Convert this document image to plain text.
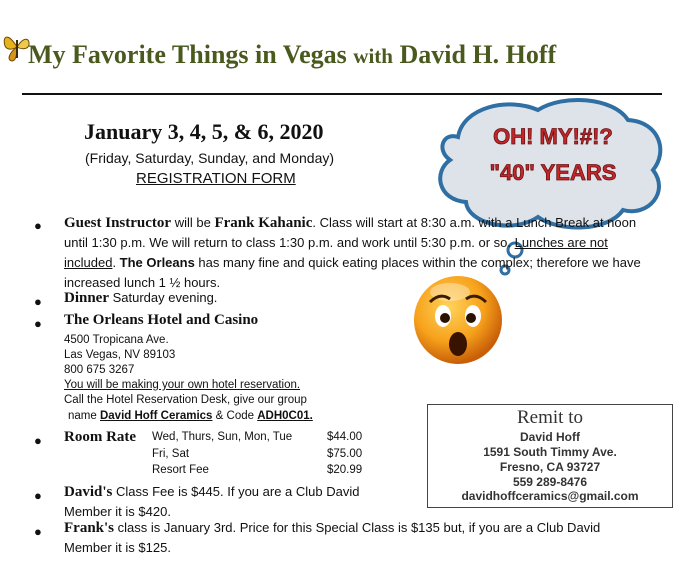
My Favorite Things in Vegas with David H. Hoff
January 3, 4, 5, & 6, 2020
(Friday, Saturday, Sunday, and Monday)
REGISTRATION FORM
OH! MY!#!?
"40" YEARS
● Guest Instructor will be Frank Kahanic. Class will start at 8:30 a.m. with a Lunch Break at noon until 1:30 p.m. We will return to class 1:30 p.m. and work until 5:30 p.m. or so. Lunches are not included. The Orleans has many fine and quick eating places within the complex; therefore we have increased lunch 1 ½ hours.
● Dinner Saturday evening.
● The Orleans Hotel and Casino
4500 Tropicana Ave.
Las Vegas, NV 89103
800 675 3267
You will be making your own hotel reservation.
Call the Hotel Reservation Desk, give our group
name David Hoff Ceramics & Code ADH0C01.
● Room Rate Wed, Thurs, Sun, Mon, Tue	$44.00
Fri, Sat	$75.00
Resort Fee	$20.99
● David's Class Fee is $445. If you are a Club David Member it is $420.
● Frank's class is January 3rd. Price for this Special Class is $135 but, if you are a Club David Member it is $125.
Remit to
David Hoff
1591 South Timmy Ave.
Fresno, CA 93727
559 289-8476
davidhoffceramics@gmail.com
